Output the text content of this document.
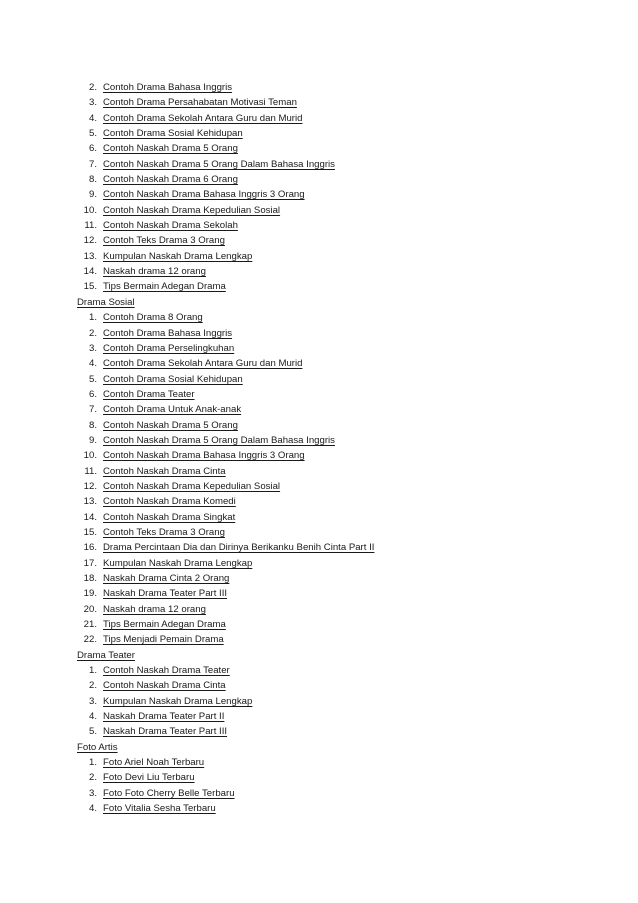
2. Contoh Drama Bahasa Inggris
3. Contoh Drama Persahabatan Motivasi Teman
4. Contoh Drama Sekolah Antara Guru dan Murid
5. Contoh Drama Sosial Kehidupan
6. Contoh Naskah Drama 5 Orang
7. Contoh Naskah Drama 5 Orang Dalam Bahasa Inggris
8. Contoh Naskah Drama 6 Orang
9. Contoh Naskah Drama Bahasa Inggris 3 Orang
10. Contoh Naskah Drama Kepedulian Sosial
11. Contoh Naskah Drama Sekolah
12. Contoh Teks Drama 3 Orang
13. Kumpulan Naskah Drama Lengkap
14. Naskah drama 12 orang
15. Tips Bermain Adegan Drama
Drama Sosial
1. Contoh Drama 8 Orang
2. Contoh Drama Bahasa Inggris
3. Contoh Drama Perselingkuhan
4. Contoh Drama Sekolah Antara Guru dan Murid
5. Contoh Drama Sosial Kehidupan
6. Contoh Drama Teater
7. Contoh Drama Untuk Anak-anak
8. Contoh Naskah Drama 5 Orang
9. Contoh Naskah Drama 5 Orang Dalam Bahasa Inggris
10. Contoh Naskah Drama Bahasa Inggris 3 Orang
11. Contoh Naskah Drama Cinta
12. Contoh Naskah Drama Kepedulian Sosial
13. Contoh Naskah Drama Komedi
14. Contoh Naskah Drama Singkat
15. Contoh Teks Drama 3 Orang
16. Drama Percintaan Dia dan Dirinya Berikanku Benih Cinta Part II
17. Kumpulan Naskah Drama Lengkap
18. Naskah Drama Cinta 2 Orang
19. Naskah Drama Teater Part III
20. Naskah drama 12 orang
21. Tips Bermain Adegan Drama
22. Tips Menjadi Pemain Drama
Drama Teater
1. Contoh Naskah Drama Teater
2. Contoh Naskah Drama Cinta
3. Kumpulan Naskah Drama Lengkap
4. Naskah Drama Teater Part II
5. Naskah Drama Teater Part III
Foto Artis
1. Foto Ariel Noah Terbaru
2. Foto Devi Liu Terbaru
3. Foto Foto Cherry Belle Terbaru
4. Foto Vitalia Sesha Terbaru
